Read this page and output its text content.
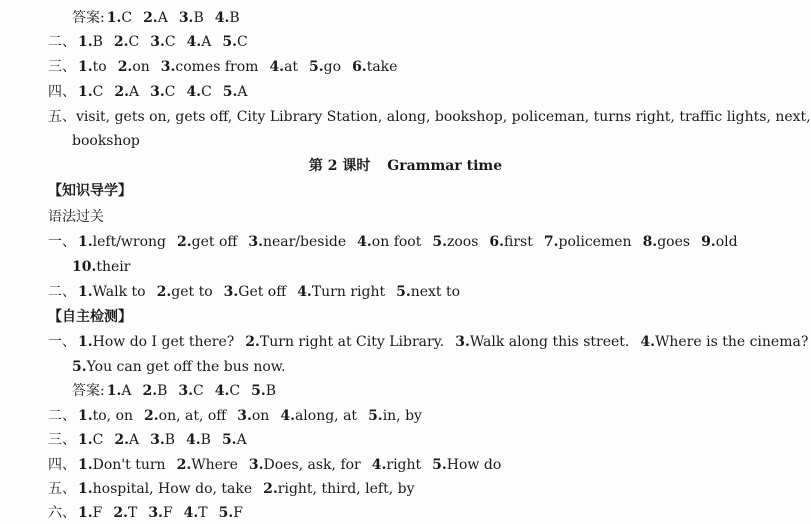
答案: 1.C 2.A 3.B 4.B
二、 1.B 2.C 3.C 4.A 5.C
三、 1.to 2.on 3.comes from 4.at 5.go 6.take
四、 1.C 2.A 3.C 4.C 5.A
五、visit, gets on, gets off, City Library Station, along, bookshop, policeman, turns right, traffic lights, next,
bookshop
第 2 课时 Grammar time
【知识导学】
语法过关
一、 1.left/wrong 2.get off 3.near/beside 4.on foot 5.zoos 6.first 7.policemen 8.goes 9.old
10.their
二、 1.Walk to 2.get to 3.Get off 4.Turn right 5.next to
【自主检测】
一、 1.How do I get there? 2.Turn right at City Library. 3.Walk along this street. 4.Where is the cinema?
5.You can get off the bus now.
答案: 1.A 2.B 3.C 4.C 5.B
二、 1.to, on 2.on, at, off 3.on 4.along, at 5.in, by
三、 1.C 2.A 3.B 4.B 5.A
四、 1.Don't turn 2.Where 3.Does, ask, for 4.right 5.How do
五、 1.hospital, How do, take 2.right, third, left, by
六、 1.F 2.T 3.F 4.T 5.F
